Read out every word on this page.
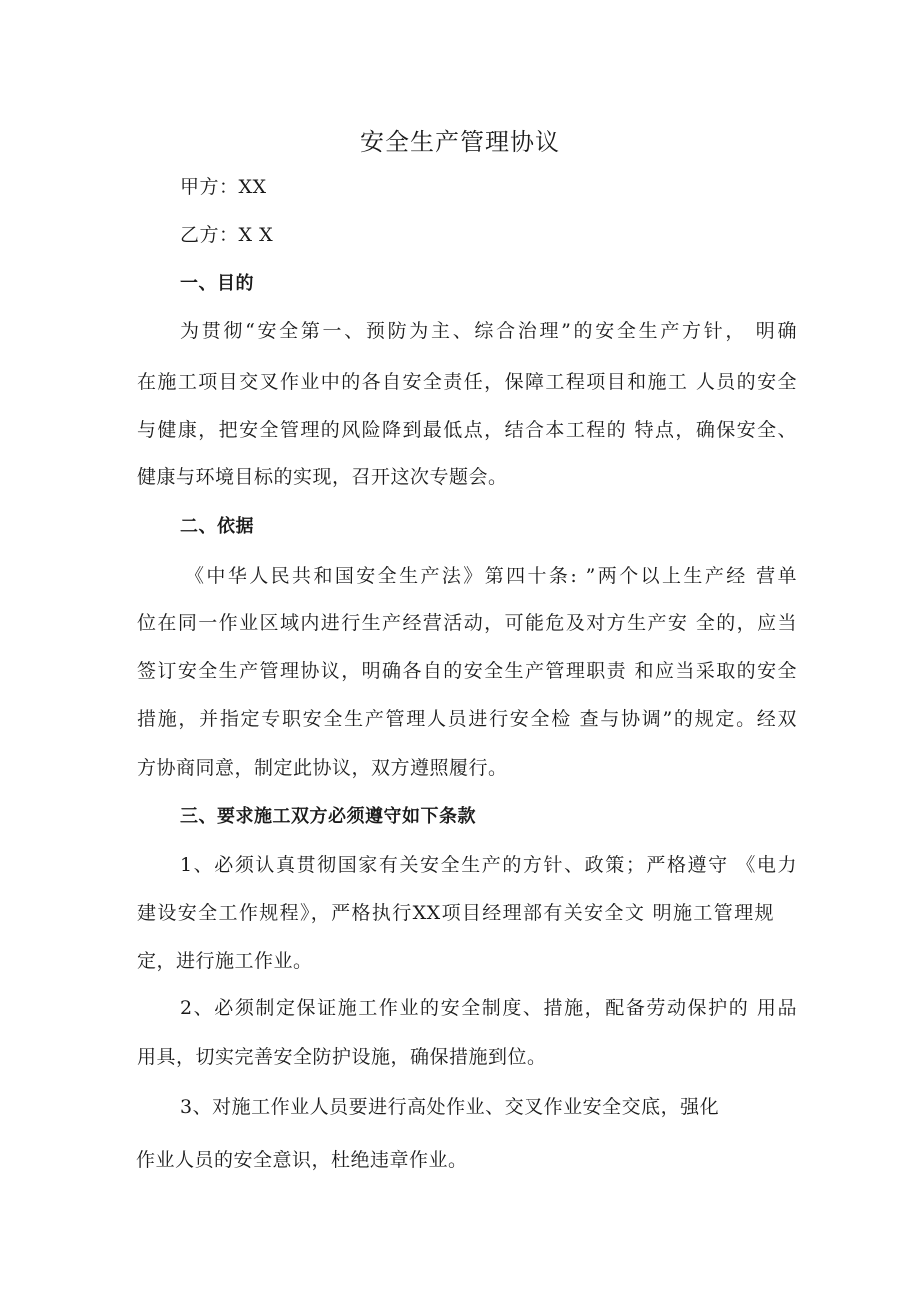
安全生产管理协议
甲方：XX
乙方：X X
一、目的
为贯彻“安全第一、预防为主、综合治理”的安全生产方针， 明确
在施工项目交叉作业中的各自安全责任，保障工程项目和施工 人员的安全
与健康，把安全管理的风险降到最低点，结合本工程的 特点，确保安全、
健康与环境目标的实现，召开这次专题会。
二、依据
《中华人民共和国安全生产法》第四十条: ”两个以上生产经 营单
位在同一作业区域内进行生产经营活动，可能危及对方生产安 全的，应当
签订安全生产管理协议，明确各自的安全生产管理职责 和应当采取的安全
措施，并指定专职安全生产管理人员进行安全检 查与协调”的规定。经双
方协商同意，制定此协议，双方遵照履行。
三、要求施工双方必须遵守如下条款
1、必须认真贯彻国家有关安全生产的方针、政策；严格遵守 《电力
建设安全工作规程》，严格执行XX项目经理部有关安全文 明施工管理规
定，进行施工作业。
2、必须制定保证施工作业的安全制度、措施，配备劳动保护的 用品
用具，切实完善安全防护设施，确保措施到位。
3、对施工作业人员要进行高处作业、交叉作业安全交底，强化
作业人员的安全意识，杜绝违章作业。
